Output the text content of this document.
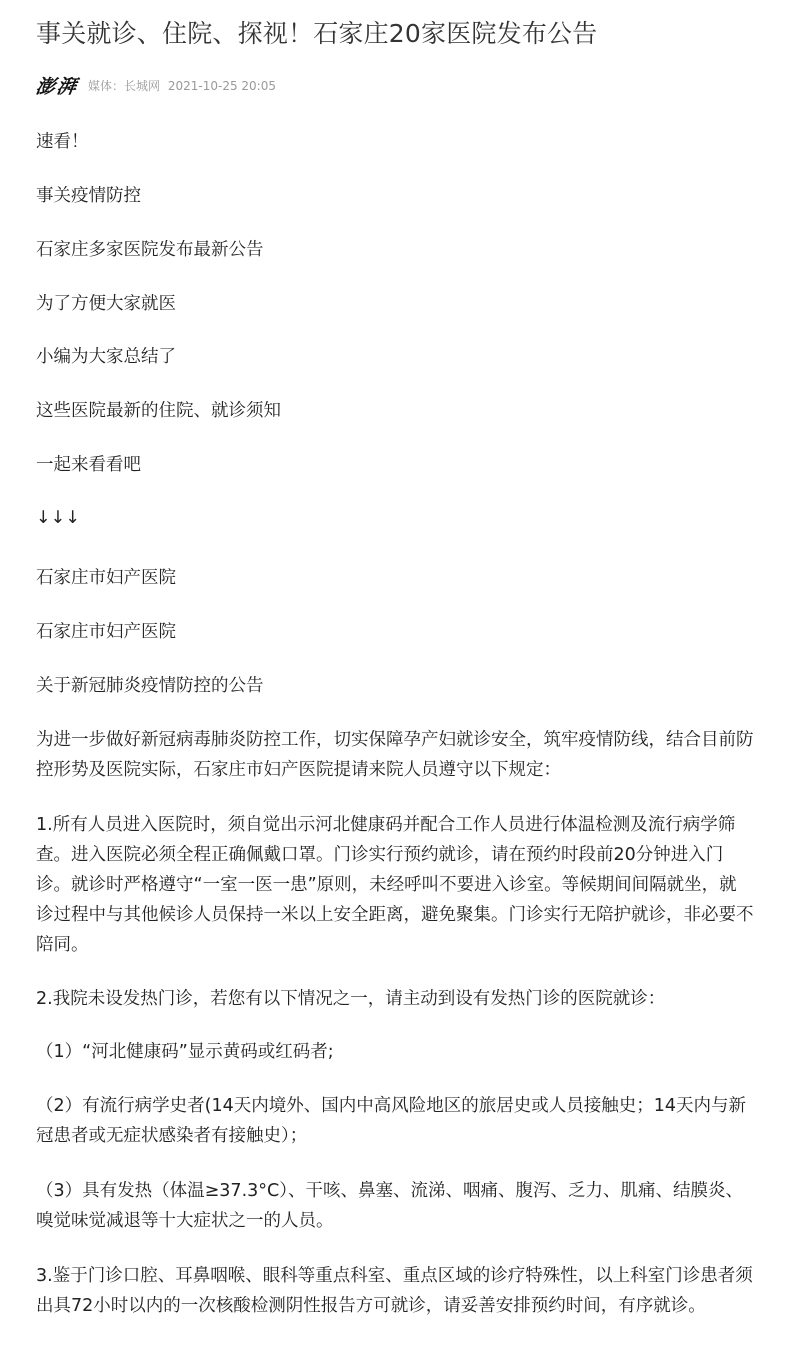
事关就诊、住院、探视！石家庄20家医院发布公告
澎湃 媒体：长城网 2021-10-25 20:05

速看！

事关疫情防控

石家庄多家医院发布最新公告

为了方便大家就医

小编为大家总结了

这些医院最新的住院、就诊须知

一起来看看吧

↓↓↓

石家庄市妇产医院

石家庄市妇产医院

关于新冠肺炎疫情防控的公告

为进一步做好新冠病毒肺炎防控工作，切实保障孕产妇就诊安全，筑牢疫情防线，结合目前防控形势及医院实际，石家庄市妇产医院提请来院人员遵守以下规定：

1.所有人员进入医院时，须自觉出示河北健康码并配合工作人员进行体温检测及流行病学筛查。进入医院必须全程正确佩戴口罩。门诊实行预约就诊，请在预约时段前20分钟进入门诊。就诊时严格遵守“一室一医一患”原则，未经呼叫不要进入诊室。等候期间间隔就坐，就诊过程中与其他候诊人员保持一米以上安全距离，避免聚集。门诊实行无陪护就诊，非必要不陪同。

2.我院未设发热门诊，若您有以下情况之一，请主动到设有发热门诊的医院就诊：

（1）“河北健康码”显示黄码或红码者;

（2）有流行病学史者(14天内境外、国内中高风险地区的旅居史或人员接触史；14天内与新冠患者或无症状感染者有接触史）；

（3）具有发热（体温≥37.3°C）、干咳、鼻塞、流涕、咽痛、腹泻、乏力、肌痛、结膜炎、嗅觉味觉减退等十大症状之一的人员。

3.鉴于门诊口腔、耳鼻咽喉、眼科等重点科室、重点区域的诊疗特殊性，以上科室门诊患者须出具72小时以内的一次核酸检测阴性报告方可就诊，请妥善安排预约时间，有序就诊。
